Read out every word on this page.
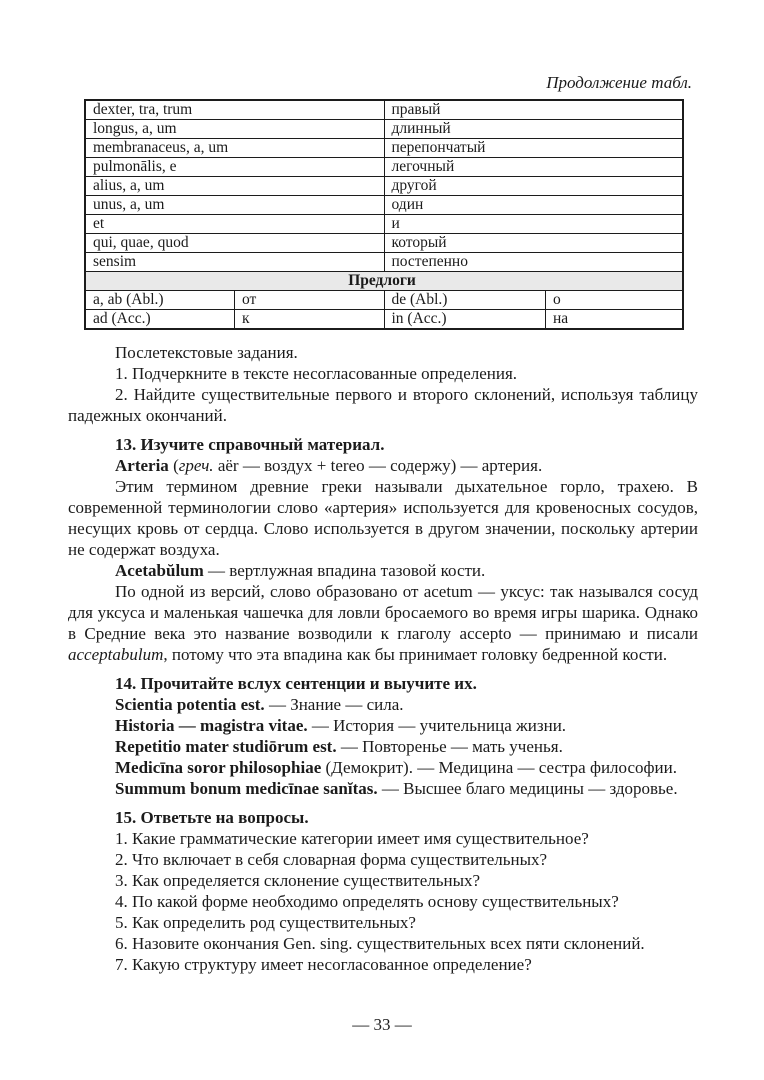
Продолжение табл.
dexter, tra, trum		правый	
longus, a, um		длинный	
membranaceus, a, um		перепончатый	
pulmonālis, e		легочный	
alius, a, um		другой	
unus, a, um		один	
et		и	
qui, quae, quod		который	
sensim		постепенно	
Предлоги			
a, ab (Abl.)	от	de (Abl.)	о
ad (Acc.)	к	in (Acc.)	на

Послетекстовые задания.

1. Подчеркните в тексте несогласованные определения.

2. Найдите существительные первого и второго склонений, используя таблицу падежных окончаний.

13. Изучите справочный материал.

Arteria (греч. aër — воздух + tereo — содержу) — артерия.

Этим термином древние греки называли дыхательное горло, трахею. В современной терминологии слово «артерия» используется для кровеносных сосудов, несущих кровь от сердца. Слово используется в другом значении, поскольку артерии не содержат воздуха.

Acetabŭlum — вертлужная впадина тазовой кости.

По одной из версий, слово образовано от acetum — уксус: так назывался сосуд для уксуса и маленькая чашечка для ловли бросаемого во время игры шарика. Однако в Средние века это название возводили к глаголу accepto — принимаю и писали acceptabulum, потому что эта впадина как бы принимает головку бедренной кости.

14. Прочитайте вслух сентенции и выучите их.

Scientia potentia est. — Знание — сила.

Historia — magistra vitae. — История — учительница жизни.

Repetitio mater studiōrum est. — Повторенье — мать ученья.

Medicīna soror philosophiae (Демокрит). — Медицина — сестра философии.

Summum bonum medicīnae sanĭtas. — Высшее благо медицины — здоровье.

15. Ответьте на вопросы.

1. Какие грамматические категории имеет имя существительное?

2. Что включает в себя словарная форма существительных?

3. Как определяется склонение существительных?

4. По какой форме необходимо определять основу существительных?

5. Как определить род существительных?

6. Назовите окончания Gen. sing. существительных всех пяти склонений.

7. Какую структуру имеет несогласованное определение?

— 33 —
